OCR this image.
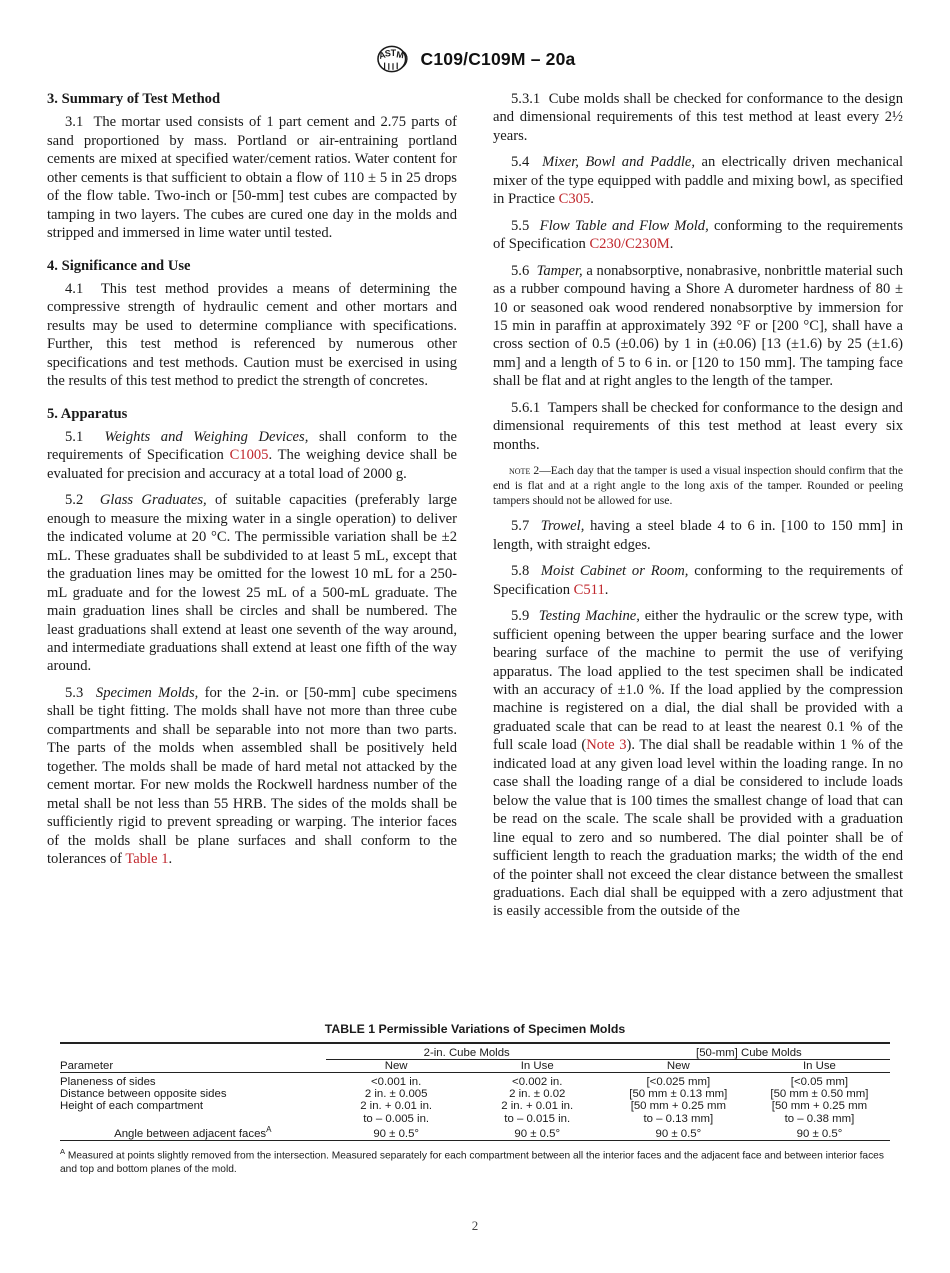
A
S T M C109/C109M – 20a
3. Summary of Test Method

3.1 The mortar used consists of 1 part cement and 2.75 parts of sand proportioned by mass. Portland or air-entraining portland cements are mixed at specified water/cement ratios. Water content for other cements is that sufficient to obtain a flow of 110 ± 5 in 25 drops of the flow table. Two-inch or [50-mm] test cubes are compacted by tamping in two layers. The cubes are cured one day in the molds and stripped and immersed in lime water until tested.

4. Significance and Use

4.1 This test method provides a means of determining the compressive strength of hydraulic cement and other mortars and results may be used to determine compliance with specifications. Further, this test method is referenced by numerous other specifications and test methods. Caution must be exercised in using the results of this test method to predict the strength of concretes.

5. Apparatus

5.1 Weights and Weighing Devices, shall conform to the requirements of Specification C1005. The weighing device shall be evaluated for precision and accuracy at a total load of 2000 g.

5.2 Glass Graduates, of suitable capacities (preferably large enough to measure the mixing water in a single operation) to deliver the indicated volume at 20 °C. The permissible variation shall be ±2 mL. These graduates shall be subdivided to at least 5 mL, except that the graduation lines may be omitted for the lowest 10 mL for a 250-mL graduate and for the lowest 25 mL of a 500-mL graduate. The main graduation lines shall be circles and shall be numbered. The least graduations shall extend at least one seventh of the way around, and intermediate graduations shall extend at least one fifth of the way around.

5.3 Specimen Molds, for the 2-in. or [50-mm] cube specimens shall be tight fitting. The molds shall have not more than three cube compartments and shall be separable into not more than two parts. The parts of the molds when assembled shall be positively held together. The molds shall be made of hard metal not attacked by the cement mortar. For new molds the Rockwell hardness number of the metal shall be not less than 55 HRB. The sides of the molds shall be sufficiently rigid to prevent spreading or warping. The interior faces of the molds shall be plane surfaces and shall conform to the tolerances of Table 1.

5.3.1 Cube molds shall be checked for conformance to the design and dimensional requirements of this test method at least every 2½ years.

5.4 Mixer, Bowl and Paddle, an electrically driven mechanical mixer of the type equipped with paddle and mixing bowl, as specified in Practice C305.

5.5 Flow Table and Flow Mold, conforming to the requirements of Specification C230/C230M.

5.6 Tamper, a nonabsorptive, nonabrasive, nonbrittle material such as a rubber compound having a Shore A durometer hardness of 80 ± 10 or seasoned oak wood rendered nonabsorptive by immersion for 15 min in paraffin at approximately 392 °F or [200 °C], shall have a cross section of 0.5 (±0.06) by 1 in (±0.06) [13 (±1.6) by 25 (±1.6) mm] and a length of 5 to 6 in. or [120 to 150 mm]. The tamping face shall be flat and at right angles to the length of the tamper.

5.6.1 Tampers shall be checked for conformance to the design and dimensional requirements of this test method at least every six months.

note 2—Each day that the tamper is used a visual inspection should confirm that the end is flat and at a right angle to the long axis of the tamper. Rounded or peeling tampers should not be allowed for use.

5.7 Trowel, having a steel blade 4 to 6 in. [100 to 150 mm] in length, with straight edges.

5.8 Moist Cabinet or Room, conforming to the requirements of Specification C511.

5.9 Testing Machine, either the hydraulic or the screw type, with sufficient opening between the upper bearing surface and the lower bearing surface of the machine to permit the use of verifying apparatus. The load applied to the test specimen shall be indicated with an accuracy of ±1.0 %. If the load applied by the compression machine is registered on a dial, the dial shall be provided with a graduated scale that can be read to at least the nearest 0.1 % of the full scale load (Note 3). The dial shall be readable within 1 % of the indicated load at any given load level within the loading range. In no case shall the loading range of a dial be considered to include loads below the value that is 100 times the smallest change of load that can be read on the scale. The scale shall be provided with a graduation line equal to zero and so numbered. The dial pointer shall be of sufficient length to reach the graduation marks; the width of the end of the pointer shall not exceed the clear distance between the smallest graduations. Each dial shall be equipped with a zero adjustment that is easily accessible from the outside of the

TABLE 1 Permissible Variations of Specimen Molds

	2-in. Cube Molds		[50-mm] Cube Molds	
Parameter	New	In Use	New	In Use

Planeness of sides	<0.001 in.	<0.002 in.	[<0.025 mm]	[<0.05 mm]
Distance between opposite sides	2 in. ± 0.005	2 in. ± 0.02	[50 mm ± 0.13 mm]	[50 mm ± 0.50 mm]
Height of each compartment	2 in. + 0.01 in.	2 in. + 0.01 in.	[50 mm + 0.25 mm	[50 mm + 0.25 mm
	to – 0.005 in.	to – 0.015 in.	to – 0.13 mm]	to – 0.38 mm]
Angle between adjacent faces$^A$	90 ± 0.5°	90 ± 0.5°	90 ± 0.5°	90 ± 0.5°

$^A$ Measured at points slightly removed from the intersection. Measured separately for each compartment between all the interior faces and the adjacent face and between interior faces and top and bottom planes of the mold.
2
